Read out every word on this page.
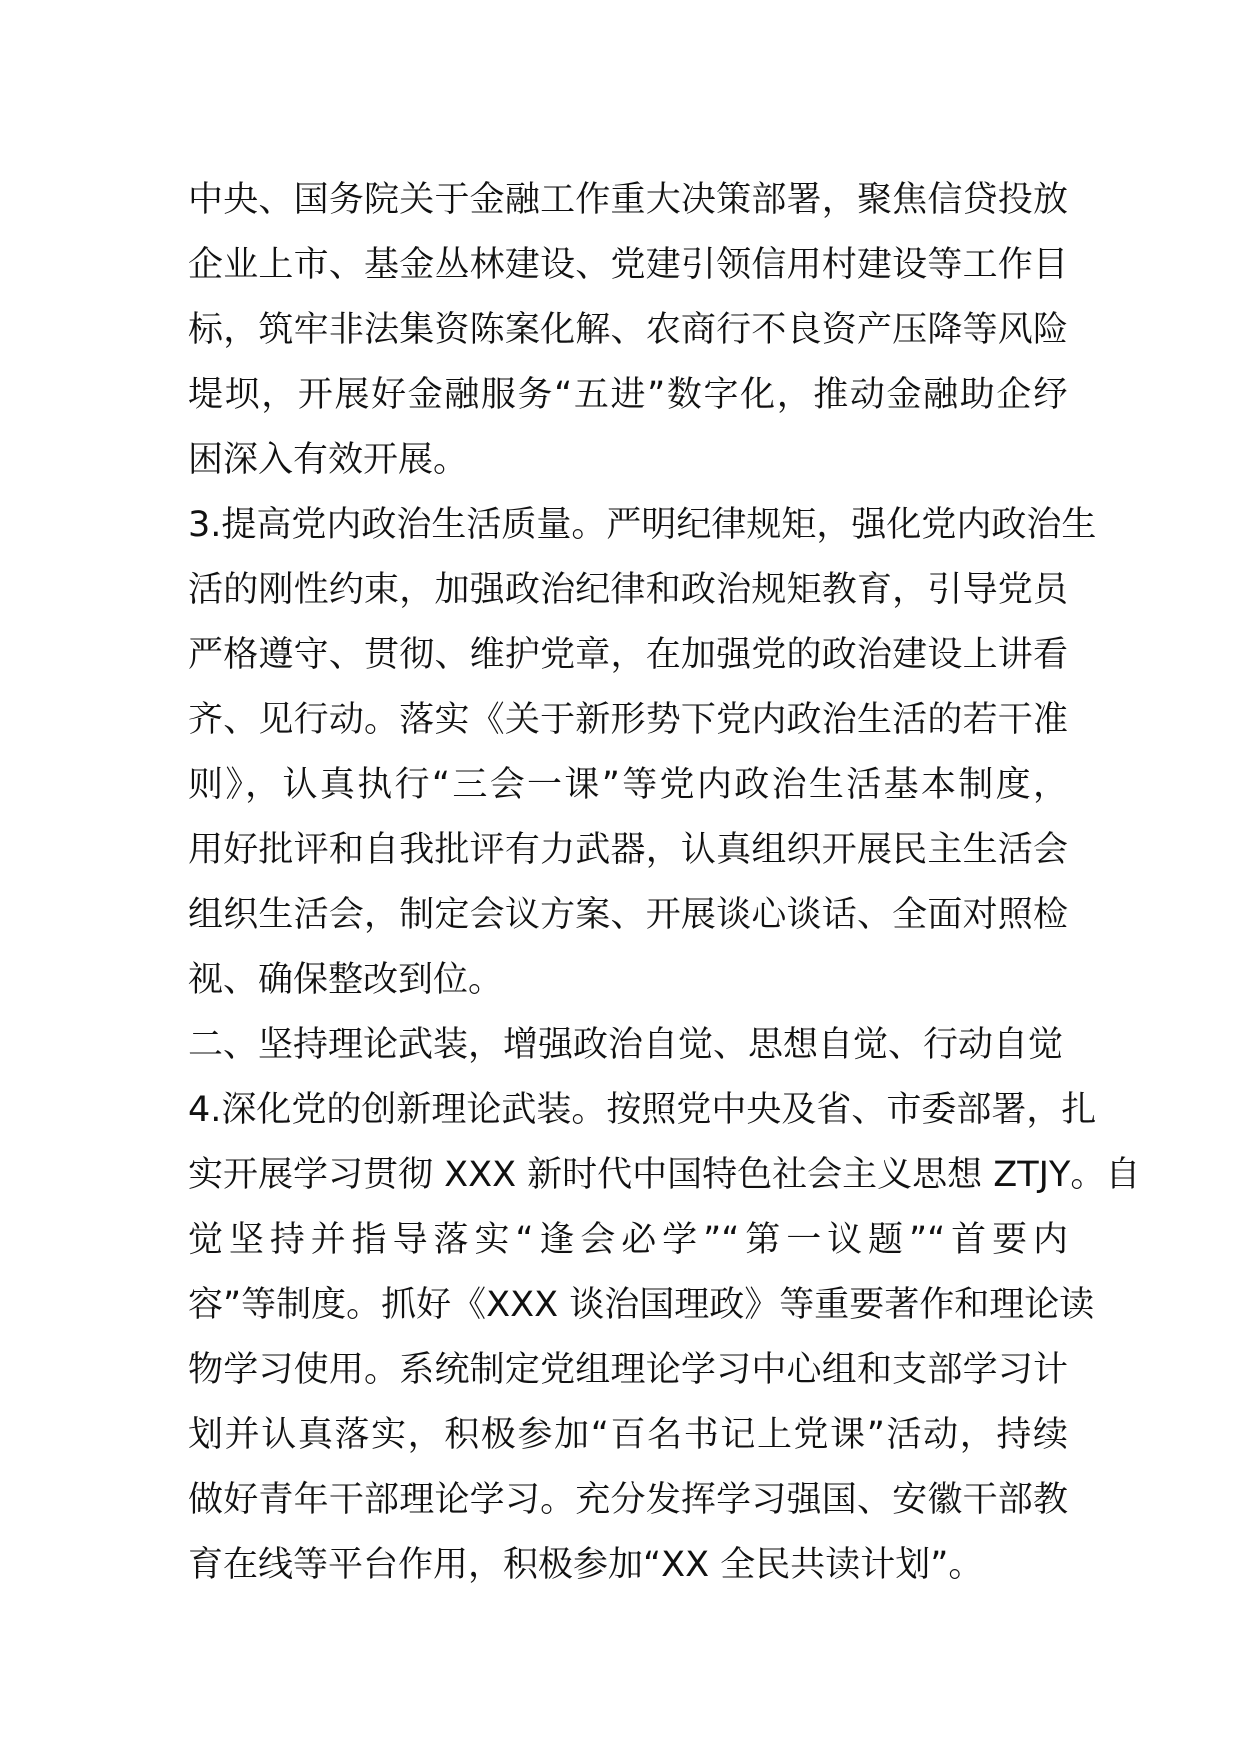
中央、国务院关于金融工作重大决策部署，聚焦信贷投放
企业上市、基金丛林建设、党建引领信用村建设等工作目
标，筑牢非法集资陈案化解、农商行不良资产压降等风险
堤坝，开展好金融服务“五进”数字化，推动金融助企纾
困深入有效开展。
3.提高党内政治生活质量。严明纪律规矩，强化党内政治生
活的刚性约束，加强政治纪律和政治规矩教育，引导党员
严格遵守、贯彻、维护党章，在加强党的政治建设上讲看
齐、见行动。落实《关于新形势下党内政治生活的若干准
则》，认真执行“三会一课”等党内政治生活基本制度，
用好批评和自我批评有力武器，认真组织开展民主生活会
组织生活会，制定会议方案、开展谈心谈话、全面对照检
视、确保整改到位。
二、坚持理论武装，增强政治自觉、思想自觉、行动自觉
4.深化党的创新理论武装。按照党中央及省、市委部署，扎
实开展学习贯彻 XXX 新时代中国特色社会主义思想 ZTJY。自
觉坚持并指导落实“逢会必学”“第一议题”“首要内
容”等制度。抓好《XXX 谈治国理政》等重要著作和理论读
物学习使用。系统制定党组理论学习中心组和支部学习计
划并认真落实，积极参加“百名书记上党课”活动，持续
做好青年干部理论学习。充分发挥学习强国、安徽干部教
育在线等平台作用，积极参加“XX 全民共读计划”。
